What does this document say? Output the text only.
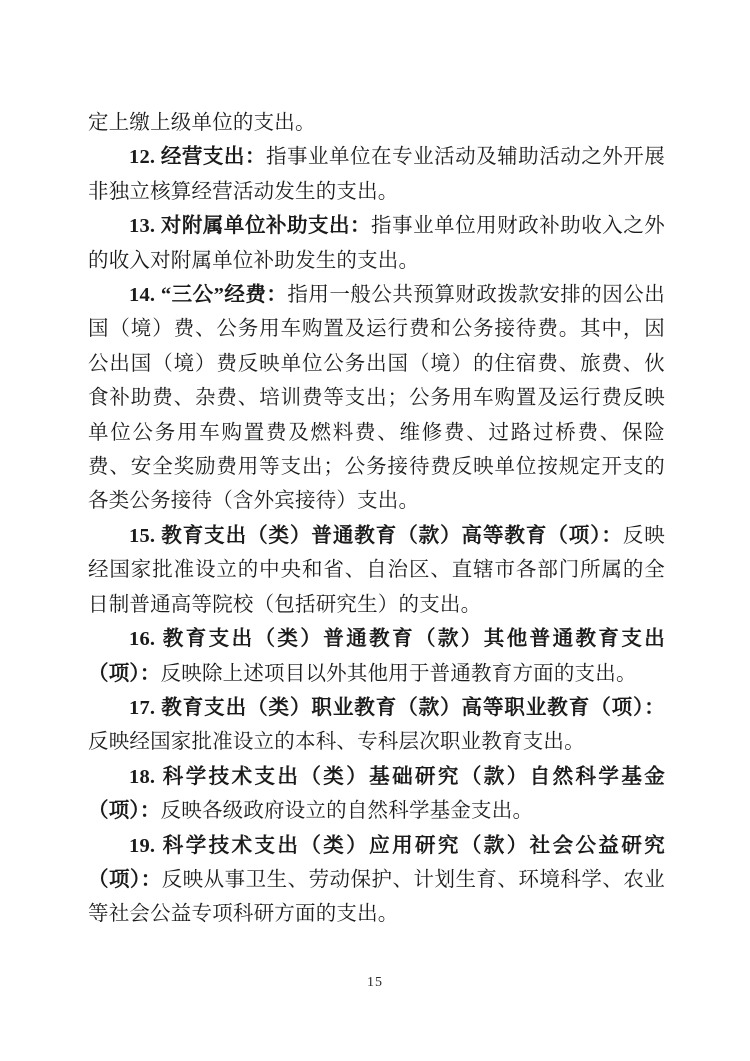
定上缴上级单位的支出。

12. 经营支出：指事业单位在专业活动及辅助活动之外开展非独立核算经营活动发生的支出。

13. 对附属单位补助支出：指事业单位用财政补助收入之外的收入对附属单位补助发生的支出。

14. “三公”经费：指用一般公共预算财政拨款安排的因公出国（境）费、公务用车购置及运行费和公务接待费。其中，因公出国（境）费反映单位公务出国（境）的住宿费、旅费、伙食补助费、杂费、培训费等支出；公务用车购置及运行费反映单位公务用车购置费及燃料费、维修费、过路过桥费、保险费、安全奖励费用等支出；公务接待费反映单位按规定开支的各类公务接待（含外宾接待）支出。

15. 教育支出（类）普通教育（款）高等教育（项）：反映经国家批准设立的中央和省、自治区、直辖市各部门所属的全日制普通高等院校（包括研究生）的支出。

16. 教育支出（类）普通教育（款）其他普通教育支出（项）：反映除上述项目以外其他用于普通教育方面的支出。

17. 教育支出（类）职业教育（款）高等职业教育（项）：反映经国家批准设立的本科、专科层次职业教育支出。

18. 科学技术支出（类）基础研究（款）自然科学基金（项）：反映各级政府设立的自然科学基金支出。

19. 科学技术支出（类）应用研究（款）社会公益研究（项）：反映从事卫生、劳动保护、计划生育、环境科学、农业等社会公益专项科研方面的支出。

15
